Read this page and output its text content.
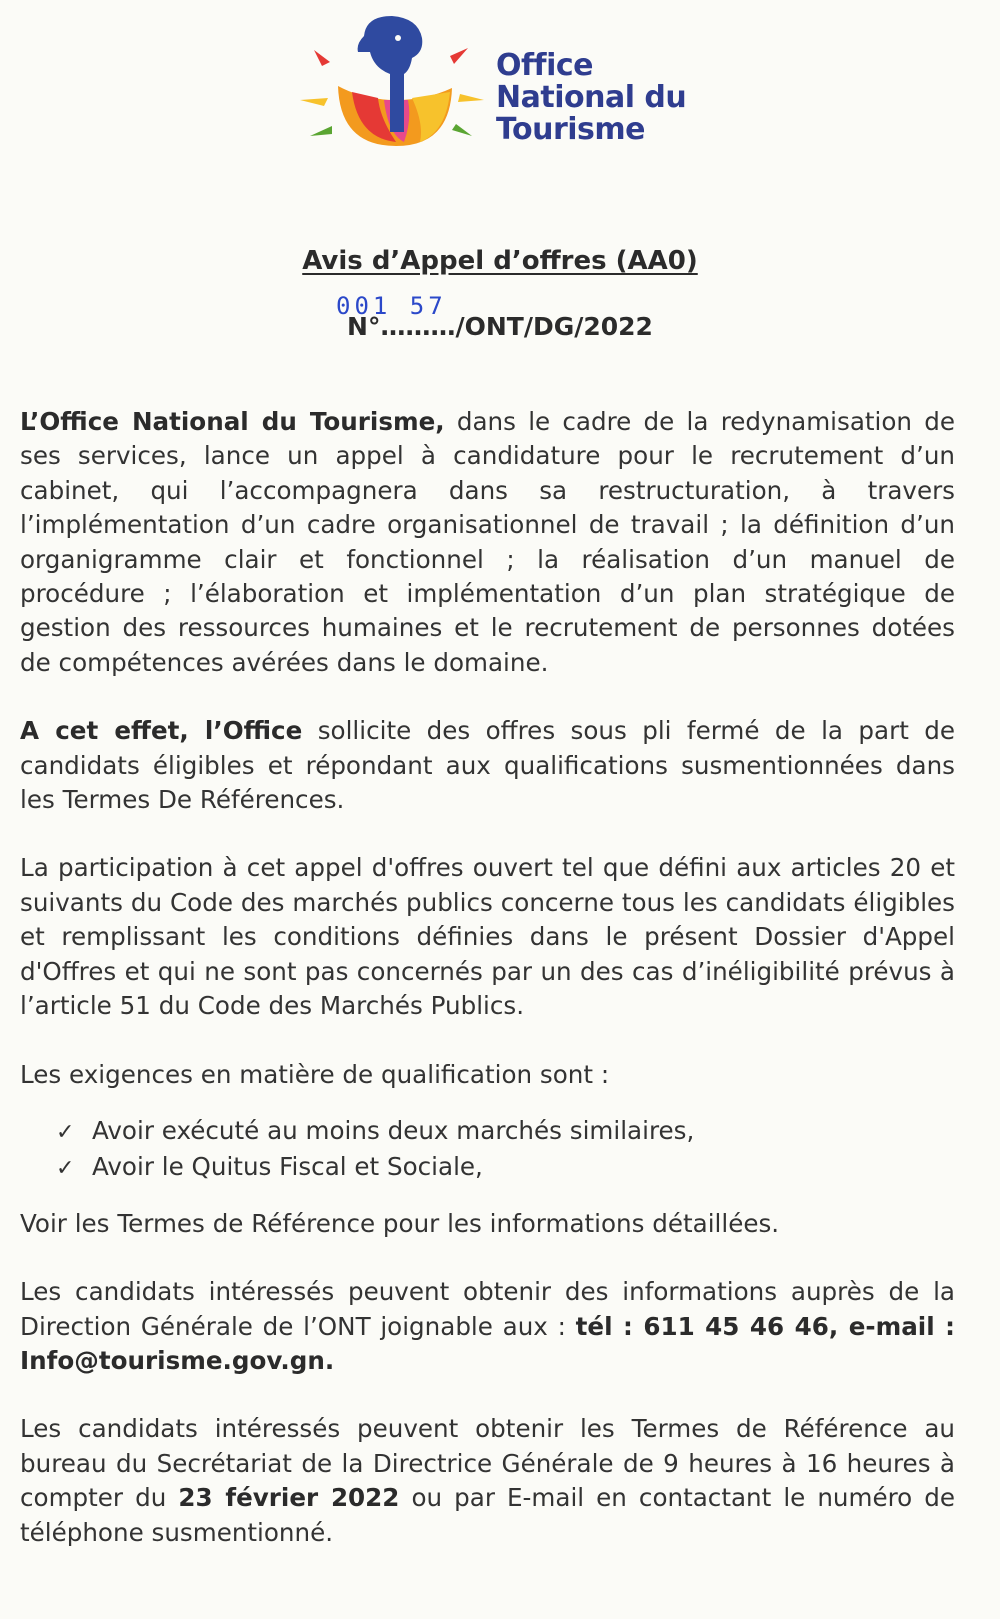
Office
National du
Tourisme
Avis d’Appel d’offres (AA0)
001 57
N°………/ONT/DG/2022

L’Office National du Tourisme, dans le cadre de la redynamisation de ses services, lance un appel à candidature pour le recrutement d’un cabinet, qui l’accompagnera dans sa restructuration, à travers l’implémentation d’un cadre organisationnel de travail ; la définition d’un organigramme clair et fonctionnel ; la réalisation d’un manuel de procédure ; l’élaboration et implémentation d’un plan stratégique de gestion des ressources humaines et le recrutement de personnes dotées de compétences avérées dans le domaine.

A cet effet, l’Office sollicite des offres sous pli fermé de la part de candidats éligibles et répondant aux qualifications susmentionnées dans les Termes De Références.

La participation à cet appel d'offres ouvert tel que défini aux articles 20 et suivants du Code des marchés publics concerne tous les candidats éligibles et remplissant les conditions définies dans le présent Dossier d'Appel d'Offres et qui ne sont pas concernés par un des cas d’inéligibilité prévus à l’article 51 du Code des Marchés Publics.

Les exigences en matière de qualification sont :

✓ Avoir exécuté au moins deux marchés similaires,
✓ Avoir le Quitus Fiscal et Sociale,

Voir les Termes de Référence pour les informations détaillées.

Les candidats intéressés peuvent obtenir des informations auprès de la Direction Générale de l’ONT joignable aux : tél : 611 45 46 46, e-mail : Info@tourisme.gov.gn.

Les candidats intéressés peuvent obtenir les Termes de Référence au bureau du Secrétariat de la Directrice Générale de 9 heures à 16 heures à compter du 23 février 2022 ou par E-mail en contactant le numéro de téléphone susmentionné.
